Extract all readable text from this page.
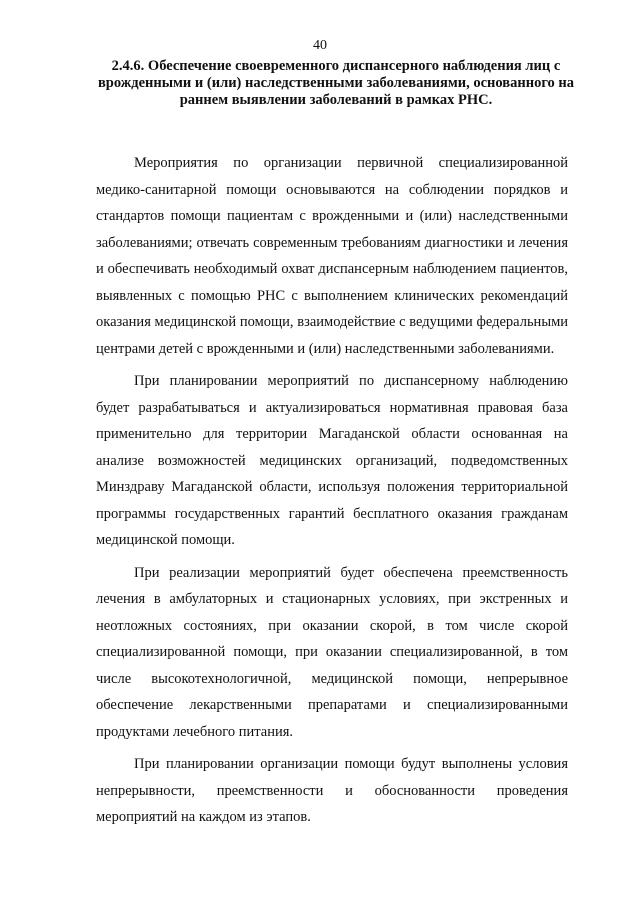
40
2.4.6. Обеспечение своевременного диспансерного наблюдения лиц с врожденными и (или) наследственными заболеваниями, основанного на раннем выявлении заболеваний в рамках РНС.

Мероприятия по организации первичной специализированной медико-санитарной помощи основываются на соблюдении порядков и стандартов помощи пациентам с врожденными и (или) наследственными заболеваниями; отвечать современным требованиям диагностики и лечения и обеспечивать необходимый охват диспансерным наблюдением пациентов, выявленных с помощью РНС с выполнением клинических рекомендаций оказания медицинской помощи, взаимодействие с ведущими федеральными центрами детей с врожденными и (или) наследственными заболеваниями.

При планировании мероприятий по диспансерному наблюдению будет разрабатываться и актуализироваться нормативная правовая база применительно для территории Магаданской области основанная на анализе возможностей медицинских организаций, подведомственных Минздраву Магаданской области, используя положения территориальной программы государственных гарантий бесплатного оказания гражданам медицинской помощи.

При реализации мероприятий будет обеспечена преемственность лечения в амбулаторных и стационарных условиях, при экстренных и неотложных состояниях, при оказании скорой, в том числе скорой специализированной помощи, при оказании специализированной, в том числе высокотехнологичной, медицинской помощи, непрерывное обеспечение лекарственными препаратами и специализированными продуктами лечебного питания.

При планировании организации помощи будут выполнены условия непрерывности, преемственности и обоснованности проведения мероприятий на каждом из этапов.
